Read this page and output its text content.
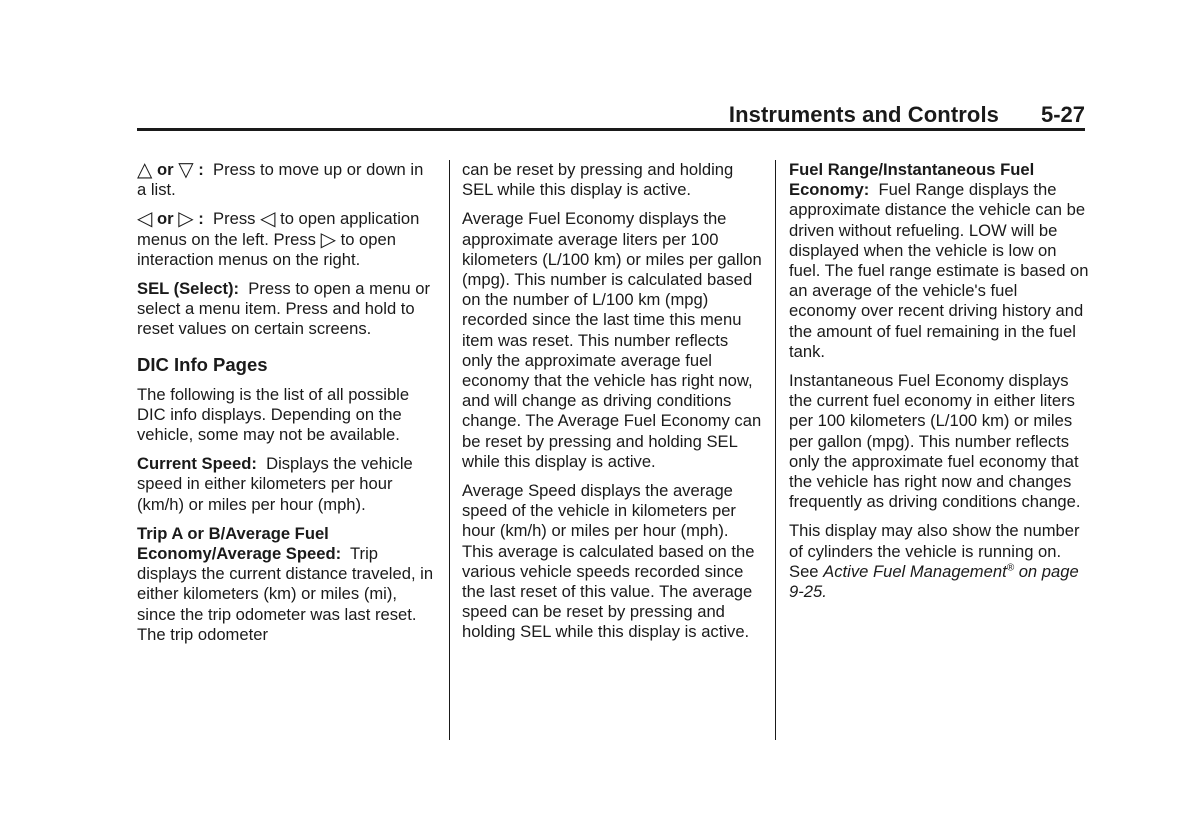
Instruments and Controls 5-27

△ or ▽ : Press to move up or down in a list.

◁ or ▷ : Press ◁ to open application menus on the left. Press ▷ to open interaction menus on the right.

SEL (Select): Press to open a menu or select a menu item. Press and hold to reset values on certain screens.

DIC Info Pages

The following is the list of all possible DIC info displays. Depending on the vehicle, some may not be available.

Current Speed: Displays the vehicle speed in either kilometers per hour (km/h) or miles per hour (mph).

Trip A or B/Average Fuel Economy/Average Speed: Trip displays the current distance traveled, in either kilometers (km) or miles (mi), since the trip odometer was last reset. The trip odometer

can be reset by pressing and holding SEL while this display is active.

Average Fuel Economy displays the approximate average liters per 100 kilometers (L/100 km) or miles per gallon (mpg). This number is calculated based on the number of L/100 km (mpg) recorded since the last time this menu item was reset. This number reflects only the approximate average fuel economy that the vehicle has right now, and will change as driving conditions change. The Average Fuel Economy can be reset by pressing and holding SEL while this display is active.

Average Speed displays the average speed of the vehicle in kilometers per hour (km/h) or miles per hour (mph). This average is calculated based on the various vehicle speeds recorded since the last reset of this value. The average speed can be reset by pressing and holding SEL while this display is active.

Fuel Range/Instantaneous Fuel Economy: Fuel Range displays the approximate distance the vehicle can be driven without refueling. LOW will be displayed when the vehicle is low on fuel. The fuel range estimate is based on an average of the vehicle's fuel economy over recent driving history and the amount of fuel remaining in the fuel tank.

Instantaneous Fuel Economy displays the current fuel economy in either liters per 100 kilometers (L/100 km) or miles per gallon (mpg). This number reflects only the approximate fuel economy that the vehicle has right now and changes frequently as driving conditions change.

This display may also show the number of cylinders the vehicle is running on. See Active Fuel Management® on page 9-25.
